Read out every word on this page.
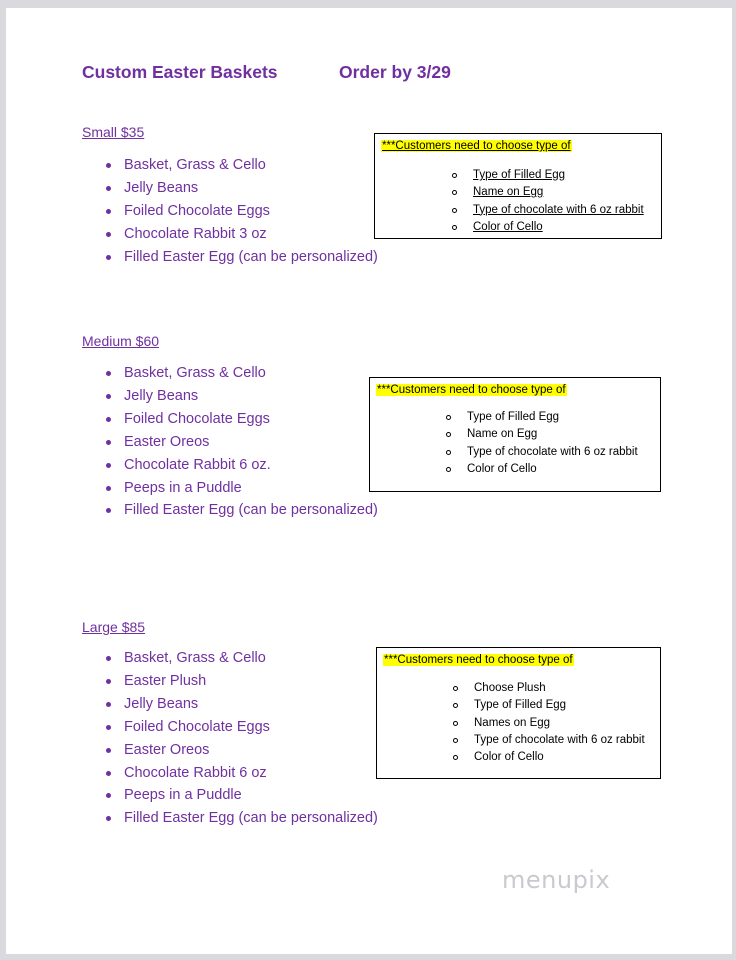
Custom Easter Baskets	Order by 3/29
Small $35
Basket, Grass & Cello
Jelly Beans
Foiled Chocolate Eggs
Chocolate Rabbit 3 oz
Filled Easter Egg (can be personalized)
***Customers need to choose type of
Type of Filled Egg
Name on Egg
Type of chocolate with 6 oz rabbit
Color of Cello
Medium $60
Basket, Grass & Cello
Jelly Beans
Foiled Chocolate Eggs
Easter Oreos
Chocolate Rabbit 6 oz.
Peeps in a Puddle
Filled Easter Egg (can be personalized)
***Customers need to choose type of
Type of Filled Egg
Name on Egg
Type of chocolate with 6 oz rabbit
Color of Cello
Large $85
Basket, Grass & Cello
Easter Plush
Jelly Beans
Foiled Chocolate Eggs
Easter Oreos
Chocolate Rabbit 6 oz
Peeps in a Puddle
Filled Easter Egg (can be personalized)
***Customers need to choose type of
Choose Plush
Type of Filled Egg
Names on Egg
Type of chocolate with 6 oz rabbit
Color of Cello
menupix
